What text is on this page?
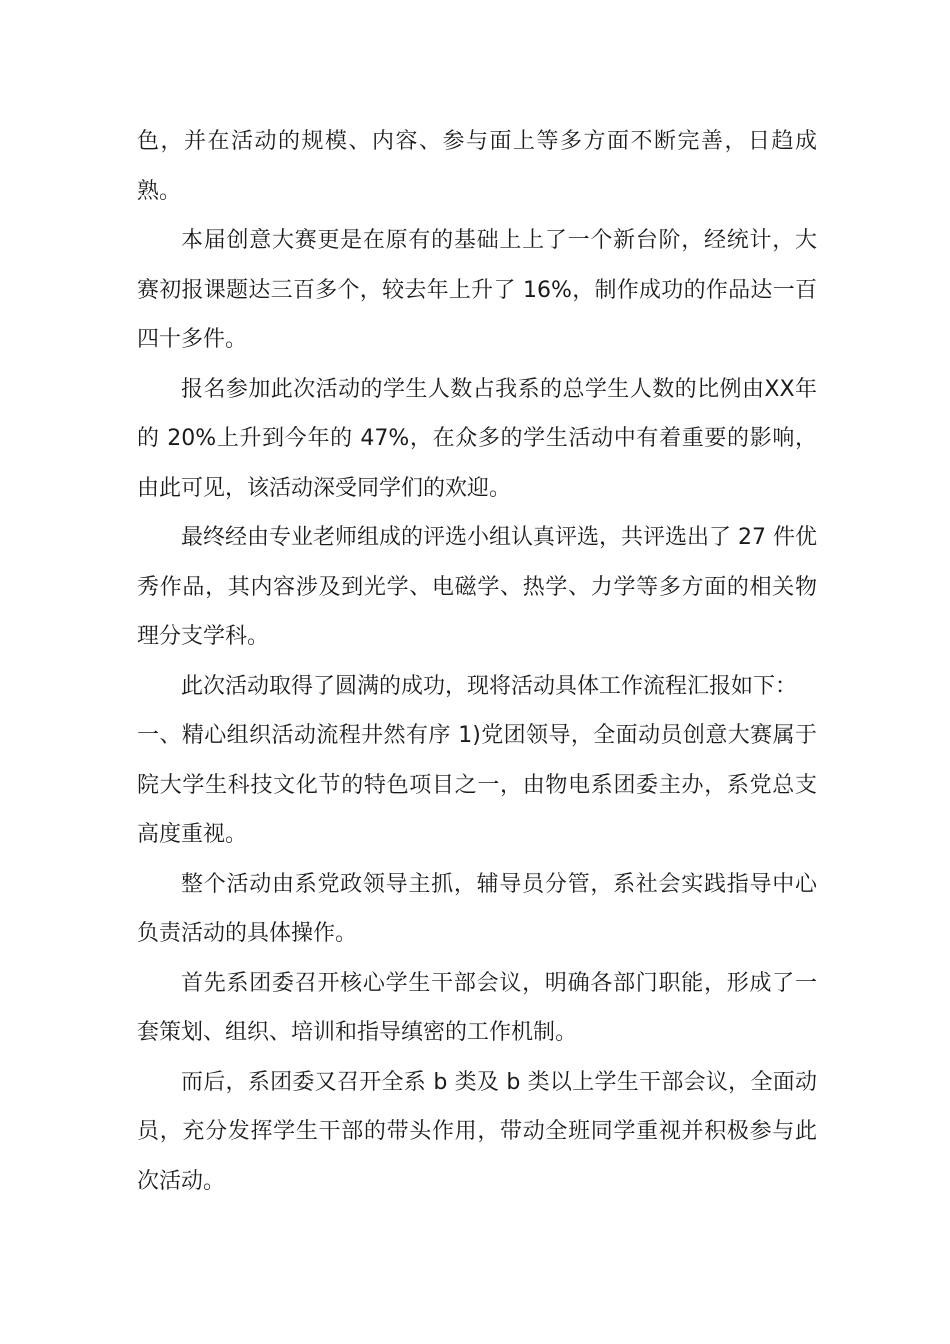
色，并在活动的规模、内容、参与面上等多方面不断完善，日趋成熟。

本届创意大赛更是在原有的基础上上了一个新台阶，经统计，大赛初报课题达三百多个，较去年上升了 16%，制作成功的作品达一百四十多件。

报名参加此次活动的学生人数占我系的总学生人数的比例由XX年的 20%上升到今年的 47%，在众多的学生活动中有着重要的影响，由此可见，该活动深受同学们的欢迎。

最终经由专业老师组成的评选小组认真评选，共评选出了 27 件优秀作品，其内容涉及到光学、电磁学、热学、力学等多方面的相关物理分支学科。

此次活动取得了圆满的成功，现将活动具体工作流程汇报如下：

一、精心组织活动流程井然有序 1)党团领导，全面动员创意大赛属于院大学生科技文化节的特色项目之一，由物电系团委主办，系党总支高度重视。

整个活动由系党政领导主抓，辅导员分管，系社会实践指导中心负责活动的具体操作。

首先系团委召开核心学生干部会议，明确各部门职能，形成了一套策划、组织、培训和指导缜密的工作机制。

而后，系团委又召开全系 b 类及 b 类以上学生干部会议，全面动员，充分发挥学生干部的带头作用，带动全班同学重视并积极参与此次活动。
